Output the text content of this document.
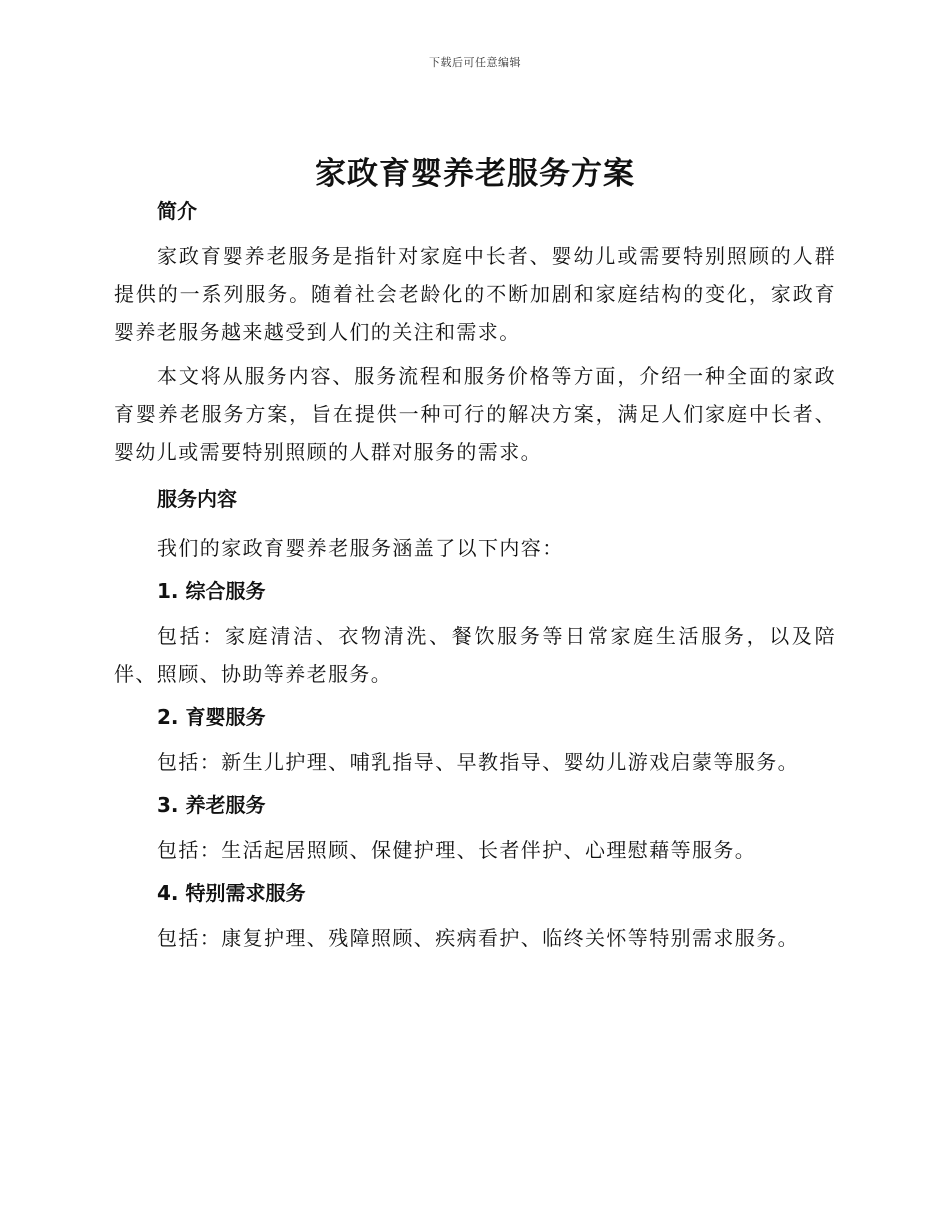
下载后可任意编辑
家政育婴养老服务方案
简介

家政育婴养老服务是指针对家庭中长者、婴幼儿或需要特别照顾的人群提供的一系列服务。随着社会老龄化的不断加剧和家庭结构的变化，家政育婴养老服务越来越受到人们的关注和需求。

本文将从服务内容、服务流程和服务价格等方面，介绍一种全面的家政育婴养老服务方案，旨在提供一种可行的解决方案，满足人们家庭中长者、婴幼儿或需要特别照顾的人群对服务的需求。

服务内容

我们的家政育婴养老服务涵盖了以下内容：

1. 综合服务

包括：家庭清洁、衣物清洗、餐饮服务等日常家庭生活服务，以及陪伴、照顾、协助等养老服务。

2. 育婴服务

包括：新生儿护理、哺乳指导、早教指导、婴幼儿游戏启蒙等服务。

3. 养老服务

包括：生活起居照顾、保健护理、长者伴护、心理慰藉等服务。

4. 特别需求服务

包括：康复护理、残障照顾、疾病看护、临终关怀等特别需求服务。
